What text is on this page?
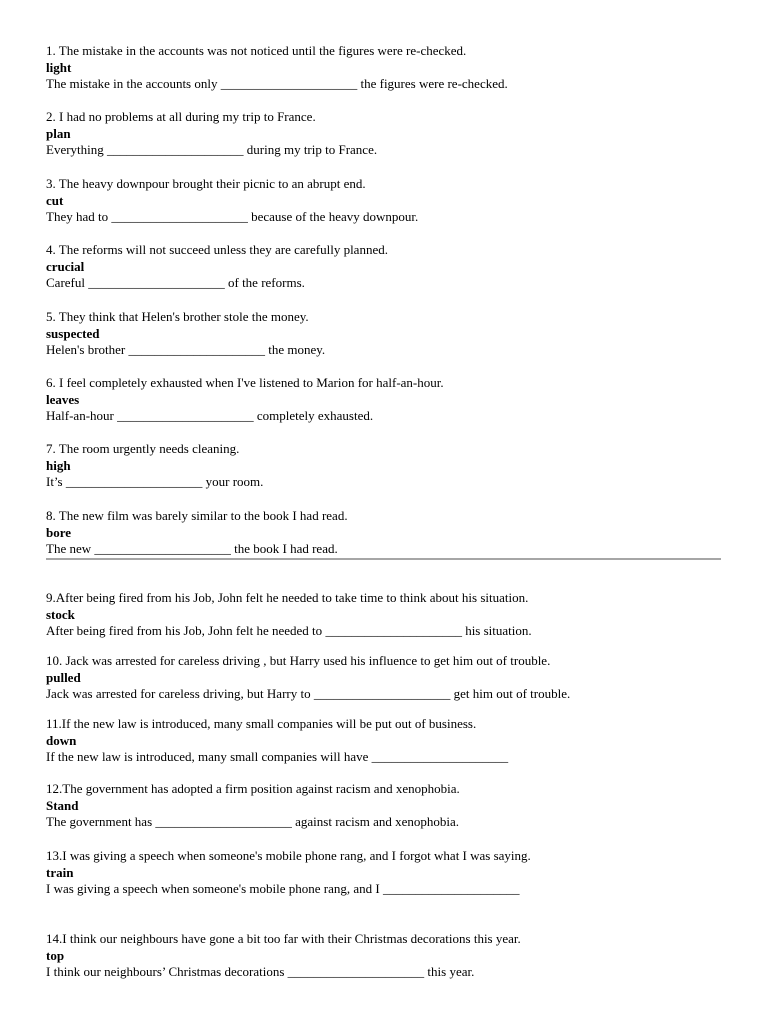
1. The mistake in the accounts was not noticed until the figures were re-checked.
light
The mistake in the accounts only _____________________ the figures were re-checked.
2. I had no problems at all during my trip to France.
plan
Everything _____________________ during my trip to France.
3. The heavy downpour brought their picnic to an abrupt end.
cut
They had to _____________________ because of the heavy downpour.
4. The reforms will not succeed unless they are carefully planned.
crucial
Careful _____________________ of the reforms.
5. They think that Helen's brother stole the money.
suspected
Helen's brother _____________________ the money.
6. I feel completely exhausted when I've listened to Marion for half-an-hour.
leaves
Half-an-hour _____________________ completely exhausted.
7. The room urgently needs cleaning.
high
It’s _____________________ your room.
8. The new film was barely similar to the book I had read.
bore
The new _____________________ the book I had read.
9.After being fired from his Job, John felt he needed to take time to think about his situation.
stock
After being fired from his Job, John felt he needed to _____________________ his situation.
10. Jack was arrested for careless driving , but Harry used his influence to get him out of trouble.
pulled
Jack was arrested for careless driving, but Harry to _____________________ get him out of trouble.
11.If the new law is introduced, many small companies will be put out of business.
down
If the new law is introduced, many small companies will have _____________________
12.The government has adopted a firm position against racism and xenophobia.
Stand
The government has _____________________ against racism and xenophobia.
13.I was giving a speech when someone's mobile phone rang, and I forgot what I was saying.
train
I was giving a speech when someone's mobile phone rang, and I _____________________
14.I think our neighbours have gone a bit too far with their Christmas decorations this year.
top
I think our neighbours’ Christmas decorations _____________________ this year.
